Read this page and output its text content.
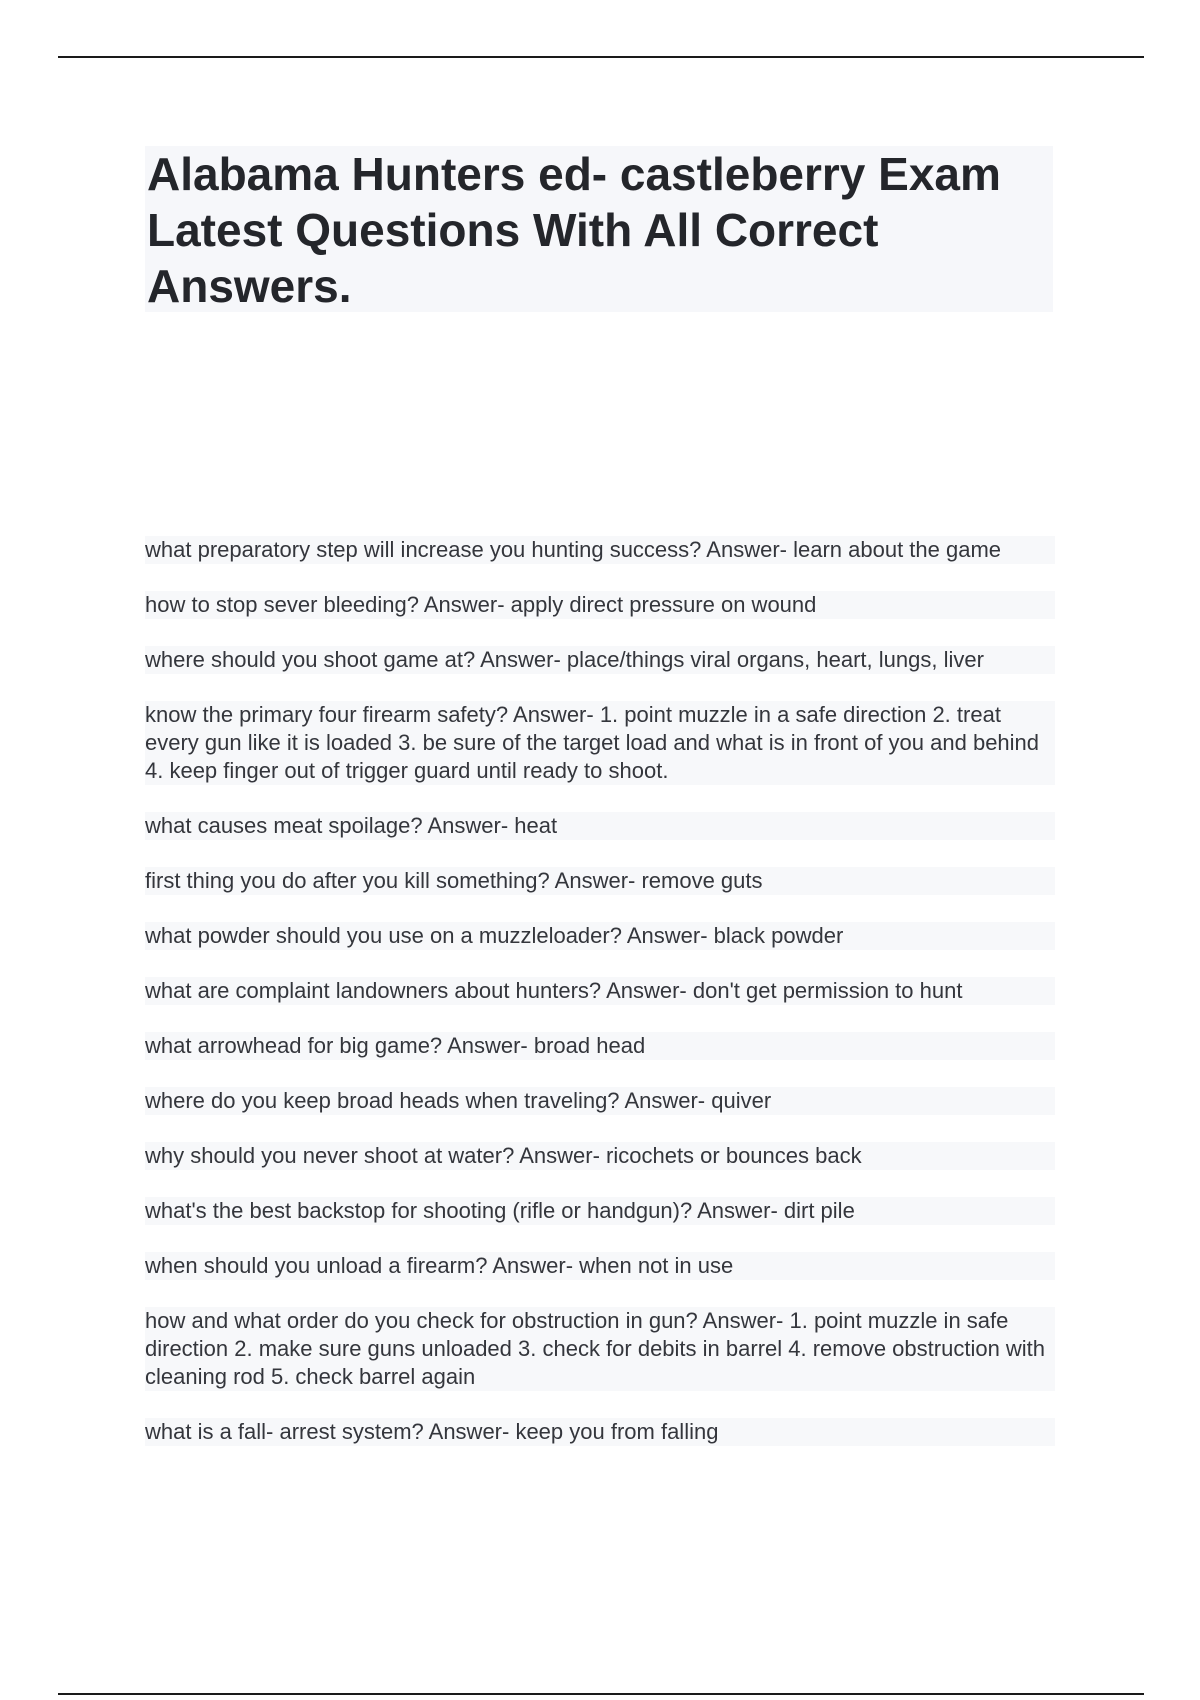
Alabama Hunters ed- castleberry Exam Latest Questions With All Correct Answers.
what preparatory step will increase you hunting success? Answer- learn about the game
how to stop sever bleeding? Answer- apply direct pressure on wound
where should you shoot game at? Answer- place/things viral organs, heart, lungs, liver
know the primary four firearm safety? Answer- 1. point muzzle in a safe direction 2. treat every gun like it is loaded 3. be sure of the target load and what is in front of you and behind 4. keep finger out of trigger guard until ready to shoot.
what causes meat spoilage? Answer- heat
first thing you do after you kill something? Answer- remove guts
what powder should you use on a muzzleloader? Answer- black powder
what are complaint landowners about hunters? Answer- don't get permission to hunt
what arrowhead for big game? Answer- broad head
where do you keep broad heads when traveling? Answer- quiver
why should you never shoot at water? Answer- ricochets or bounces back
what's the best backstop for shooting (rifle or handgun)? Answer- dirt pile
when should you unload a firearm? Answer- when not in use
how and what order do you check for obstruction in gun? Answer- 1. point muzzle in safe direction 2. make sure guns unloaded 3. check for debits in barrel 4. remove obstruction with cleaning rod 5. check barrel again
what is a fall- arrest system? Answer- keep you from falling
